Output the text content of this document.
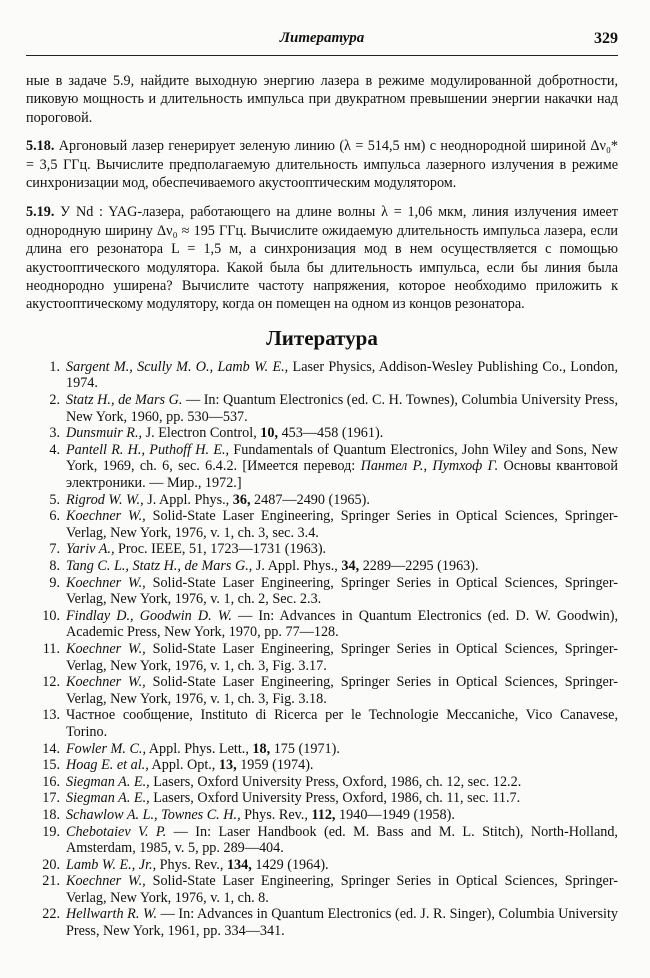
Литература	329

ные в задаче 5.9, найдите выходную энергию лазера в режиме модулированной добротности, пиковую мощность и длительность импульса при двукратном превышении энергии накачки над пороговой.

5.18. Аргоновый лазер генерирует зеленую линию (λ = 514,5 нм) с неоднородной шириной Δν₀* = 3,5 ГГц. Вычислите предполагаемую длительность импульса лазерного излучения в режиме синхронизации мод, обеспечиваемого акустооптическим модулятором.

5.19. У Nd : YAG-лазера, работающего на длине волны λ = 1,06 мкм, линия излучения имеет однородную ширину Δν₀ ≈ 195 ГГц. Вычислите ожидаемую длительность импульса лазера, если длина его резонатора L = 1,5 м, а синхронизация мод в нем осуществляется с помощью акустооптического модулятора. Какой была бы длительность импульса, если бы линия была неоднородно уширена? Вычислите частоту напряжения, которое необходимо приложить к акустооптическому модулятору, когда он помещен на одном из концов резонатора.

Литература
1. Sargent M., Scully M. O., Lamb W. E., Laser Physics, Addison-Wesley Publishing Co., London, 1974.
2. Statz H., de Mars G. — In: Quantum Electronics (ed. C. H. Townes), Columbia University Press, New York, 1960, pp. 530—537.
3. Dunsmuir R., J. Electron Control, 10, 453—458 (1961).
4. Pantell R. H., Puthoff H. E., Fundamentals of Quantum Electronics, John Wiley and Sons, New York, 1969, ch. 6, sec. 6.4.2. [Имеется перевод: Пантел Р., Путхоф Г. Основы квантовой электроники. — Мир., 1972.]
5. Rigrod W. W., J. Appl. Phys., 36, 2487—2490 (1965).
6. Koechner W., Solid-State Laser Engineering, Springer Series in Optical Sciences, Springer-Verlag, New York, 1976, v. 1, ch. 3, sec. 3.4.
7. Yariv A., Proc. IEEE, 51, 1723—1731 (1963).
8. Tang C. L., Statz H., de Mars G., J. Appl. Phys., 34, 2289—2295 (1963).
9. Koechner W., Solid-State Laser Engineering, Springer Series in Optical Sciences, Springer-Verlag, New York, 1976, v. 1, ch. 2, Sec. 2.3.
10. Findlay D., Goodwin D. W. — In: Advances in Quantum Electronics (ed. D. W. Goodwin), Academic Press, New York, 1970, pp. 77—128.
11. Koechner W., Solid-State Laser Engineering, Springer Series in Optical Sciences, Springer-Verlag, New York, 1976, v. 1, ch. 3, Fig. 3.17.
12. Koechner W., Solid-State Laser Engineering, Springer Series in Optical Sciences, Springer-Verlag, New York, 1976, v. 1, ch. 3, Fig. 3.18.
13. Частное сообщение, Instituto di Ricerca per le Technologie Meccaniche, Vico Canavese, Torino.
14. Fowler M. C., Appl. Phys. Lett., 18, 175 (1971).
15. Hoag E. et al., Appl. Opt., 13, 1959 (1974).
16. Siegman A. E., Lasers, Oxford University Press, Oxford, 1986, ch. 12, sec. 12.2.
17. Siegman A. E., Lasers, Oxford University Press, Oxford, 1986, ch. 11, sec. 11.7.
18. Schawlow A. L., Townes C. H., Phys. Rev., 112, 1940—1949 (1958).
19. Chebotaiev V. P. — In: Laser Handbook (ed. M. Bass and M. L. Stitch), North-Holland, Amsterdam, 1985, v. 5, pp. 289—404.
20. Lamb W. E., Jr., Phys. Rev., 134, 1429 (1964).
21. Koechner W., Solid-State Laser Engineering, Springer Series in Optical Sciences, Springer-Verlag, New York, 1976, v. 1, ch. 8.
22. Hellwarth R. W. — In: Advances in Quantum Electronics (ed. J. R. Singer), Columbia University Press, New York, 1961, pp. 334—341.
